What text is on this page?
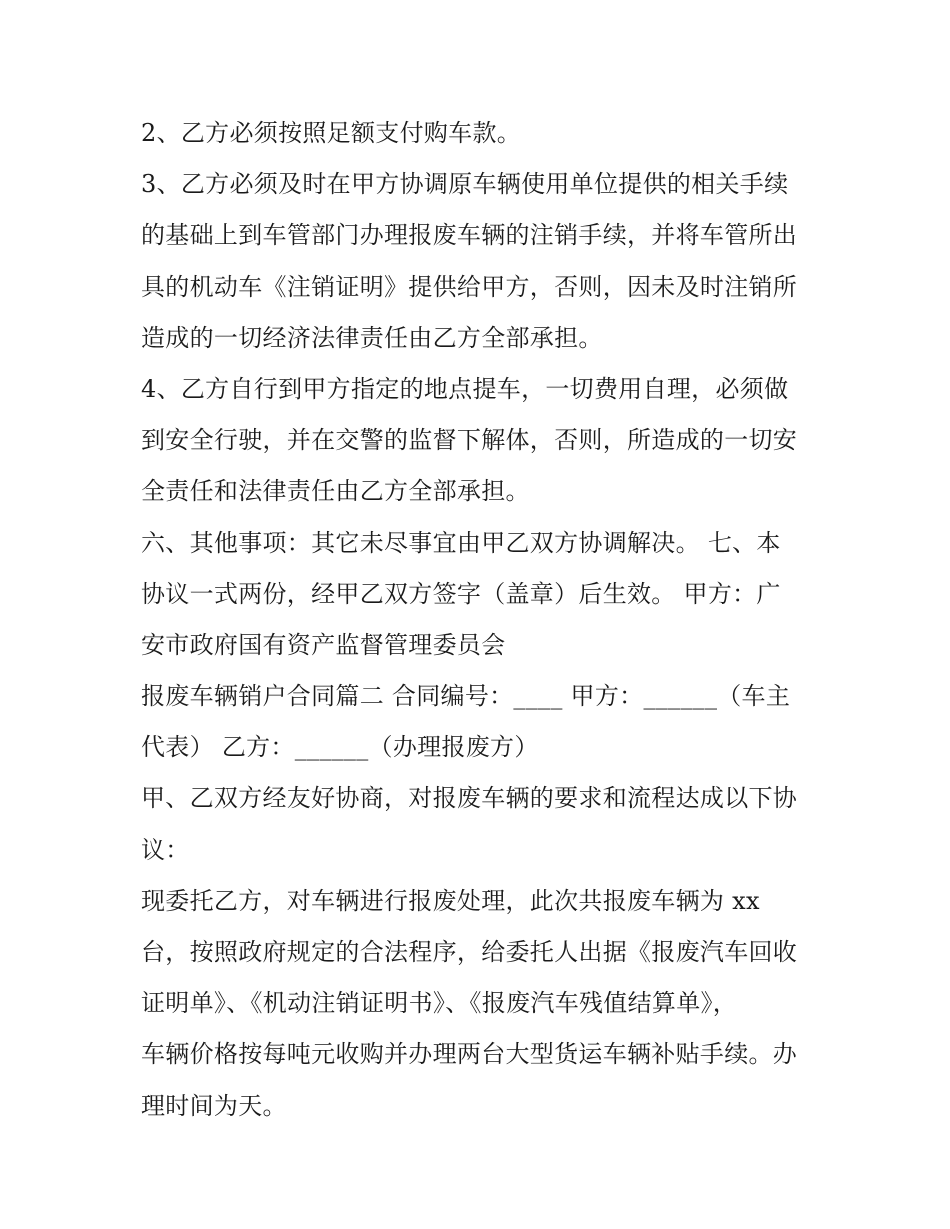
2、乙方必须按照足额支付购车款。
3、乙方必须及时在甲方协调原车辆使用单位提供的相关手续
的基础上到车管部门办理报废车辆的注销手续，并将车管所出
具的机动车《注销证明》提供给甲方，否则，因未及时注销所
造成的一切经济法律责任由乙方全部承担。
4、乙方自行到甲方指定的地点提车，一切费用自理，必须做
到安全行驶，并在交警的监督下解体，否则，所造成的一切安
全责任和法律责任由乙方全部承担。
六、其他事项：其它未尽事宜由甲乙双方协调解决。 七、本
协议一式两份，经甲乙双方签字（盖章）后生效。 甲方：广
安市政府国有资产监督管理委员会
报废车辆销户合同篇二 合同编号：____ 甲方：______（车主
代表） 乙方：______（办理报废方）
甲、乙双方经友好协商，对报废车辆的要求和流程达成以下协
议：
现委托乙方，对车辆进行报废处理，此次共报废车辆为 xx
台，按照政府规定的合法程序，给委托人出据《报废汽车回收
证明单》、《机动注销证明书》、《报废汽车残值结算单》，
车辆价格按每吨元收购并办理两台大型货运车辆补贴手续。办
理时间为天。
